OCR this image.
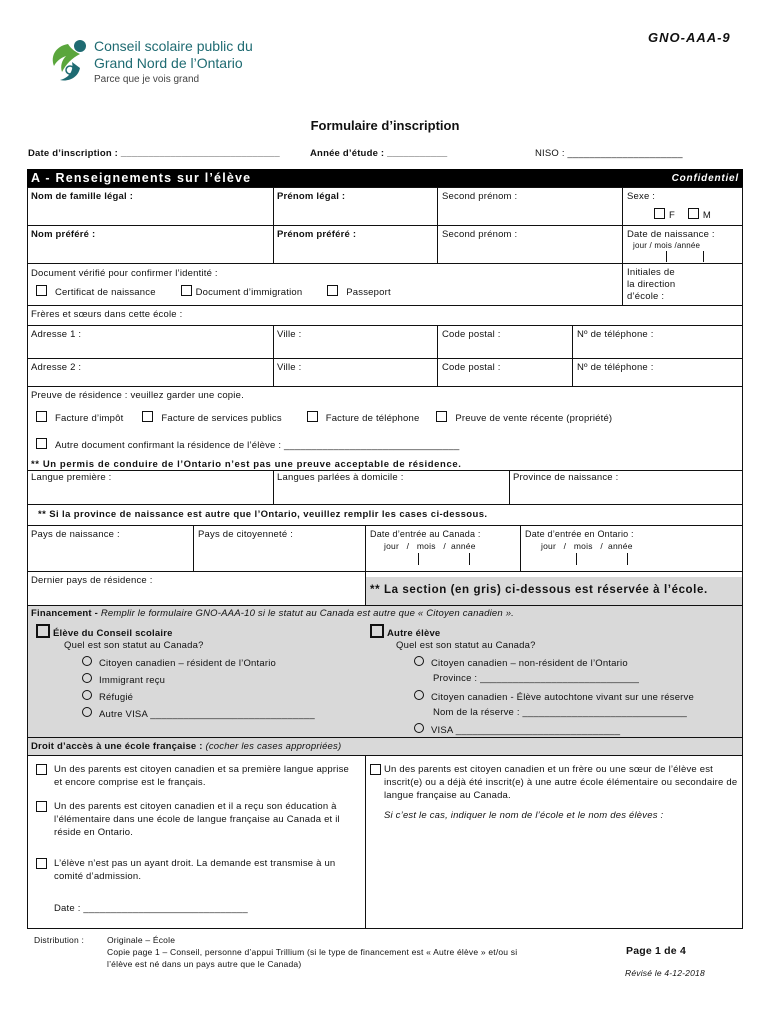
GNO-AAA-9
Conseil scolaire public du
Grand Nord de l’Ontario
Parce que je vois grand
Formulaire d’inscription
Date d’inscription : _____________________________	Année d’étude : ___________	NISO : _____________________
A - Renseignements sur l’élève	Confidentiel
Nom de famille légal :	Prénom légal :	Second prénom :	Sexe :
F	M
Nom préféré :	Prénom préféré :	Second prénom :	Date de naissance :
jour / mois /année
Document vérifié pour confirmer l’identité :
Certificat de naissance	Document d’immigration	Passeport
Initiales de
la direction
d’école :
Frères et sœurs dans cette école :
Adresse 1 :	Ville :	Code postal :	Nº de téléphone :
Adresse 2 :	Ville :	Code postal :	Nº de téléphone :
Preuve de résidence : veuillez garder une copie.
Facture d’impôt	Facture de services publics	Facture de téléphone	Preuve de vente récente (propriété)
Autre document confirmant la résidence de l’élève : ________________________________
** Un permis de conduire de l’Ontario n’est pas une preuve acceptable de résidence.
Langue première :	Langues parlées à domicile :	Province de naissance :
** Si la province de naissance est autre que l’Ontario, veuillez remplir les cases ci-dessous.
Pays de naissance :	Pays de citoyenneté :	Date d’entrée au Canada :
jour   /   mois   /  année
Date d’entrée en Ontario :
jour   /   mois   /  année
Dernier pays de résidence :
** La section (en gris) ci-dessous est réservée à l’école.
Financement - Remplir le formulaire GNO-AAA-10 si le statut au Canada est autre que « Citoyen canadien ».
Élève du Conseil scolaire
Quel est son statut au Canada?
Citoyen canadien – résident de l’Ontario
Immigrant reçu
Réfugié
Autre VISA ______________________________
Autre élève
Quel est son statut au Canada?
Citoyen canadien – non-résident de l’Ontario
Province : _____________________________
Citoyen canadien - Élève autochtone vivant sur une réserve
Nom de la réserve : ______________________________
VISA ______________________________
Droit d’accès à une école française : (cocher les cases appropriées)
Un des parents est citoyen canadien et sa première langue apprise et encore comprise est le français.
Un des parents est citoyen canadien et il a reçu son éducation à l’élémentaire dans une école de langue française au Canada et il réside en Ontario.
L’élève n’est pas un ayant droit. La demande est transmise à un comité d’admission.
Date : ______________________________
Un des parents est citoyen canadien et un frère ou une sœur de l’élève est inscrit(e) ou a déjà été inscrit(e) à une autre école élémentaire ou secondaire de langue française au Canada.
Si c’est le cas, indiquer le nom de l’école et le nom des élèves :
Distribution :	Originale – École
Copie page 1 – Conseil, personne d’appui Trillium (si le type de financement est « Autre élève » et/ou si
l’élève est né dans un pays autre que le Canada)
Page 1 de 4
Révisé le 4-12-2018
